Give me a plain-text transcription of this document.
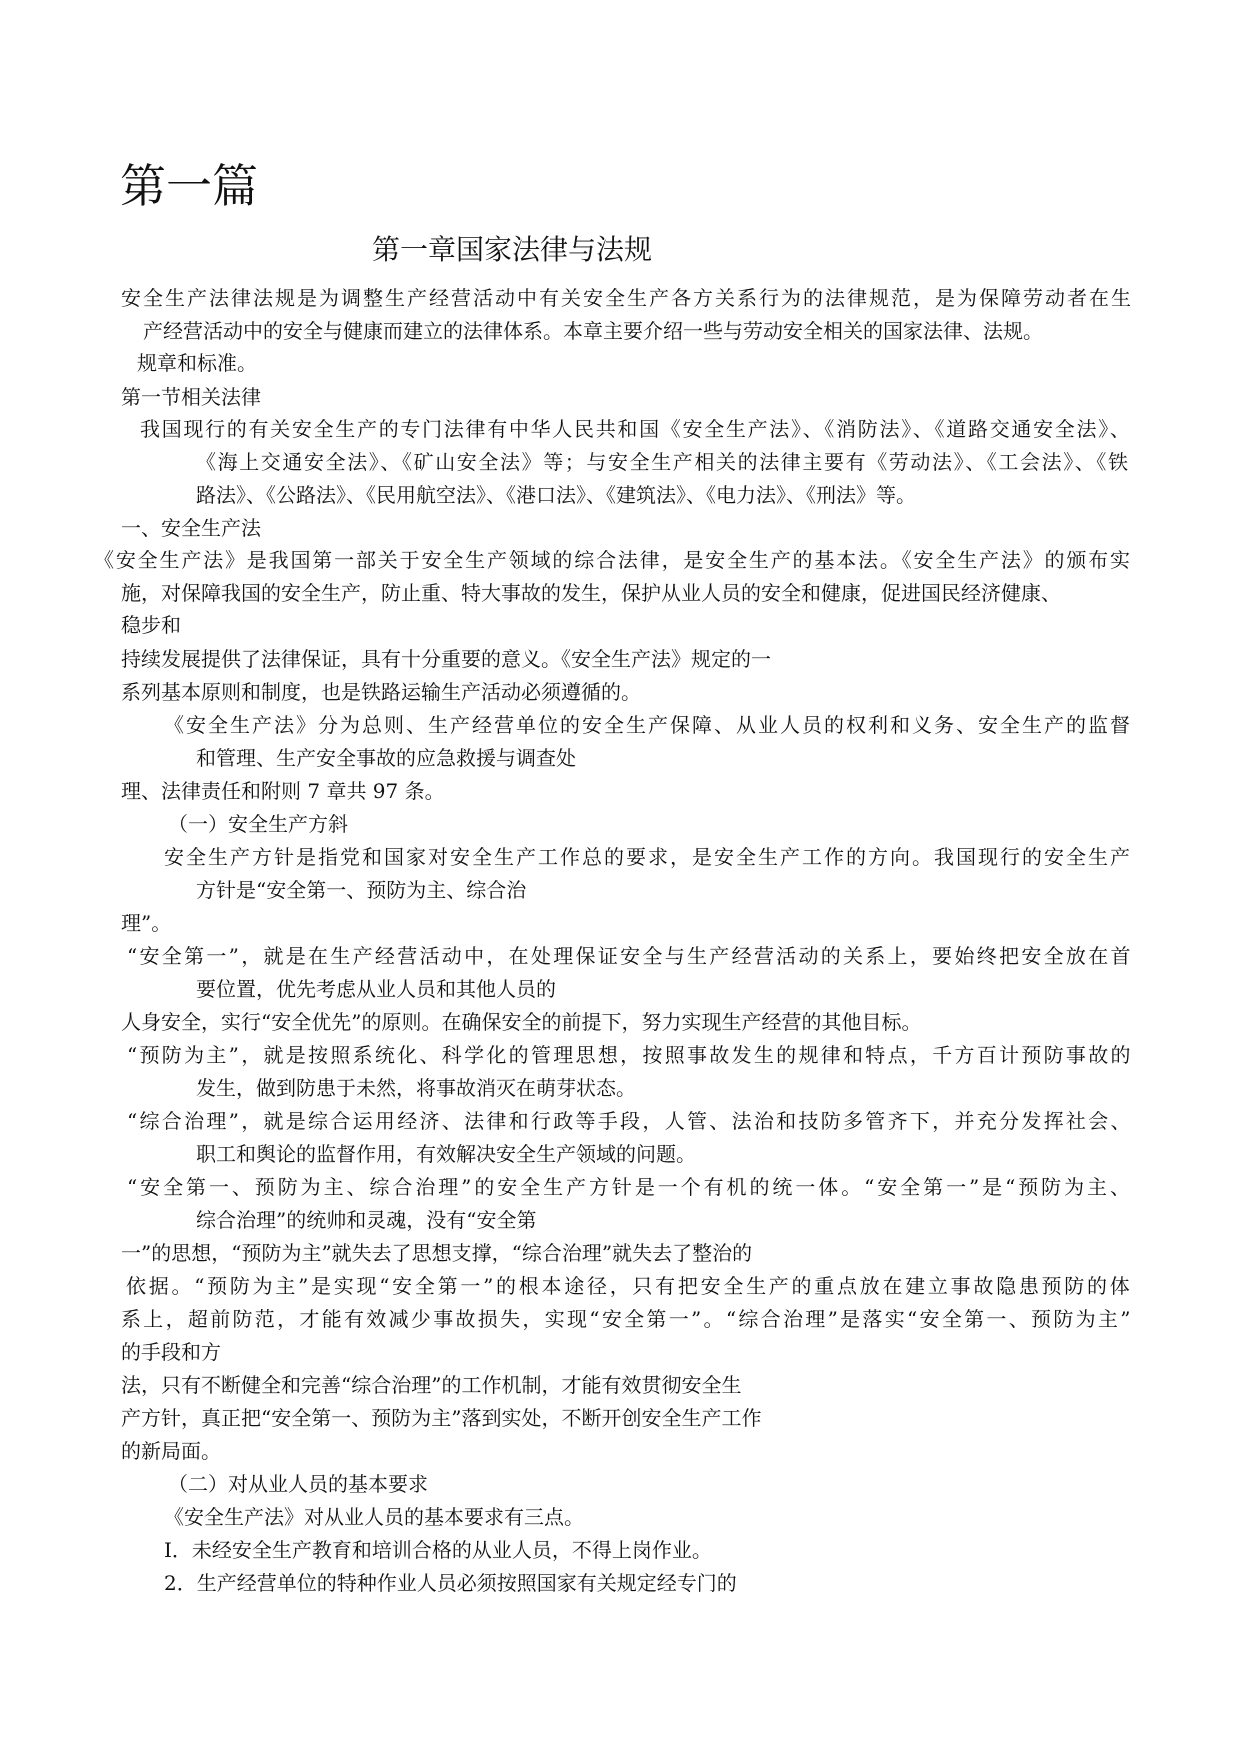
第一篇
第一章国家法律与法规
安全生产法律法规是为调整生产经营活动中有关安全生产各方关系行为的法律规范，是为保障劳动者在生
产经营活动中的安全与健康而建立的法律体系。本章主要介绍一些与劳动安全相关的国家法律、法规。
规章和标准。
第一节相关法律
我国现行的有关安全生产的专门法律有中华人民共和国《安全生产法》、《消防法》、《道路交通安全法》、
《海上交通安全法》、《矿山安全法》等；与安全生产相关的法律主要有《劳动法》、《工会法》、《铁
路法》、《公路法》、《民用航空法》、《港口法》、《建筑法》、《电力法》、《刑法》等。
一、安全生产法
《安全生产法》是我国第一部关于安全生产领域的综合法律，是安全生产的基本法。《安全生产法》的颁布实
施，对保障我国的安全生产，防止重、特大事故的发生，保护从业人员的安全和健康，促进国民经济健康、
稳步和
持续发展提供了法律保证，具有十分重要的意义。《安全生产法》规定的一
系列基本原则和制度，也是铁路运输生产活动必须遵循的。
《安全生产法》分为总则、生产经营单位的安全生产保障、从业人员的权利和义务、安全生产的监督
和管理、生产安全事故的应急救援与调查处
理、法律责任和附则 7 章共 97 条。
（一）安全生产方斜
安全生产方针是指党和国家对安全生产工作总的要求，是安全生产工作的方向。我国现行的安全生产
方针是“安全第一、预防为主、综合治
理”。
“安全第一”，就是在生产经营活动中，在处理保证安全与生产经营活动的关系上，要始终把安全放在首
要位置，优先考虑从业人员和其他人员的
人身安全，实行“安全优先”的原则。在确保安全的前提下，努力实现生产经营的其他目标。
“预防为主”，就是按照系统化、科学化的管理思想，按照事故发生的规律和特点，千方百计预防事故的
发生，做到防患于未然，将事故消灭在萌芽状态。
“综合治理”，就是综合运用经济、法律和行政等手段，人管、法治和技防多管齐下，并充分发挥社会、
职工和舆论的监督作用，有效解决安全生产领域的问题。
“安全第一、预防为主、综合治理”的安全生产方针是一个有机的统一体。“安全第一”是“预防为主、
综合治理”的统帅和灵魂，没有“安全第
一”的思想，“预防为主”就失去了思想支撑，“综合治理”就失去了整治的
依据。“预防为主”是实现“安全第一”的根本途径，只有把安全生产的重点放在建立事故隐患预防的体
系上，超前防范，才能有效减少事故损失，实现“安全第一”。“综合治理”是落实“安全第一、预防为主”
的手段和方
法，只有不断健全和完善“综合治理”的工作机制，才能有效贯彻安全生
产方针，真正把“安全第一、预防为主”落到实处，不断开创安全生产工作
的新局面。
（二）对从业人员的基本要求
《安全生产法》对从业人员的基本要求有三点。
I．未经安全生产教育和培训合格的从业人员，不得上岗作业。
2．生产经营单位的特种作业人员必须按照国家有关规定经专门的
